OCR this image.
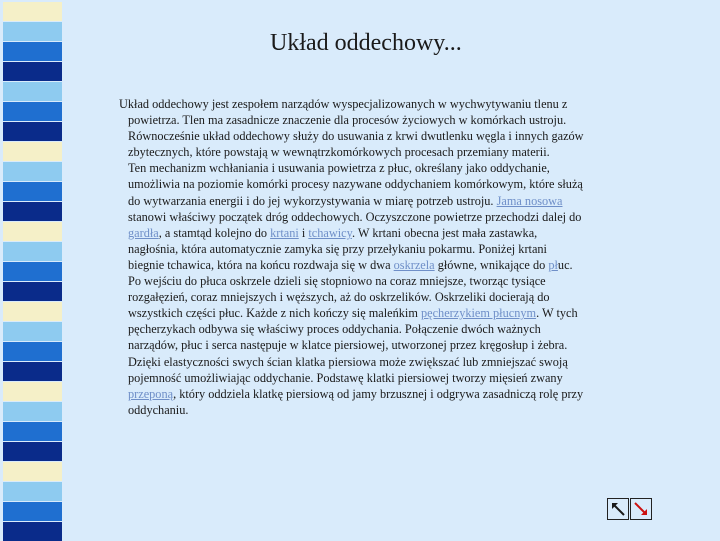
Układ oddechowy...
Układ oddechowy jest zespołem narządów wyspecjalizowanych w wychwytywaniu tlenu z
powietrza. Tlen ma zasadnicze znaczenie dla procesów życiowych w komórkach ustroju.
Równocześnie układ oddechowy służy do usuwania z krwi dwutlenku węgla i innych gazów
zbytecznych, które powstają w wewnątrzkomórkowych procesach przemiany materii.
Ten mechanizm wchłaniania i usuwania powietrza z płuc, określany jako oddychanie,
umożliwia na poziomie komórki procesy nazywane oddychaniem komórkowym, które służą
do wytwarzania energii i do jej wykorzystywania w miarę potrzeb ustroju. Jama nosowa
stanowi właściwy początek dróg oddechowych. Oczyszczone powietrze przechodzi dalej do
gardła, a stamtąd kolejno do krtani i tchawicy. W krtani obecna jest mała zastawka,
nagłośnia, która automatycznie zamyka się przy przełykaniu pokarmu. Poniżej krtani
biegnie tchawica, która na końcu rozdwaja się w dwa oskrzela główne, wnikające do płuc.
Po wejściu do płuca oskrzele dzieli się stopniowo na coraz mniejsze, tworząc tysiące
rozgałęzień, coraz mniejszych i węższych, aż do oskrzelików. Oskrzeliki docierają do
wszystkich części płuc. Każde z nich kończy się maleńkim pęcherzykiem płucnym. W tych
pęcherzykach odbywa się właściwy proces oddychania. Połączenie dwóch ważnych
narządów, płuc i serca następuje w klatce piersiowej, utworzonej przez kręgosłup i żebra.
Dzięki elastyczności swych ścian klatka piersiowa może zwiększać lub zmniejszać swoją
pojemność umożliwiając oddychanie. Podstawę klatki piersiowej tworzy mięsień zwany
przeponą, który oddziela klatkę piersiową od jamy brzusznej i odgrywa zasadniczą rolę przy
oddychaniu.
